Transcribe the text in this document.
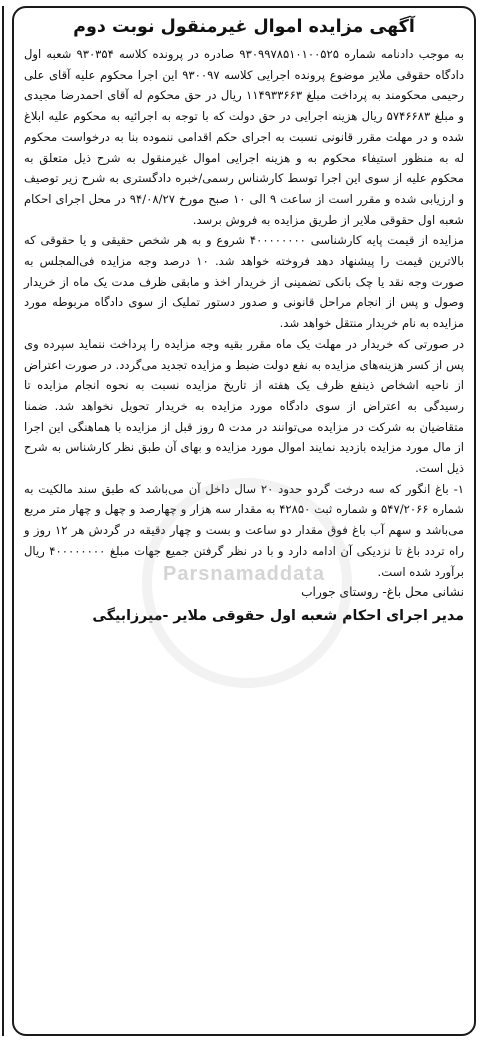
Parsnamaddata
آگهی مزایده اموال غیرمنقول نوبت دوم

به موجب دادنامه شماره ۹۳۰۹۹۷۸۵۱۰۱۰۰۵۲۵ صادره در پرونده کلاسه ۹۳۰۳۵۴ شعبه اول دادگاه حقوقی ملایر موضوع پرونده اجرایی کلاسه ۹۳۰۰۹۷ این اجرا محکوم علیه آقای علی رحیمی محکومند به پرداخت مبلغ ۱۱۴۹۳۳۶۶۳ ریال در حق محکوم له آقای احمدرضا مجیدی و مبلغ ۵۷۴۶۶۸۳ ریال هزینه اجرایی در حق دولت که با توجه به اجرائیه به محکوم علیه ابلاغ شده و در مهلت مقرر قانونی نسبت به اجرای حکم اقدامی ننموده بنا به درخواست محکوم له به منظور استیفاء محکوم به و هزینه اجرایی اموال غیرمنقول به شرح ذیل متعلق به محکوم علیه از سوی این اجرا توسط کارشناس رسمی/خبره دادگستری به شرح زیر توصیف و ارزیابی شده و مقرر است از ساعت ۹ الی ۱۰ صبح مورخ ۹۴/۰۸/۲۷ در محل اجرای احکام شعبه اول حقوقی ملایر از طریق مزایده به فروش برسد.

مزایده از قیمت پایه کارشناسی ۴۰۰۰۰۰۰۰۰ شروع و به هر شخص حقیقی و یا حقوقی که بالاترین قیمت را پیشنهاد دهد فروخته خواهد شد. ۱۰ درصد وجه مزایده فی‌المجلس به صورت وجه نقد یا چک بانکی تضمینی از خریدار اخذ و مابقی ظرف مدت یک ماه از خریدار وصول و پس از انجام مراحل قانونی و صدور دستور تملیک از سوی دادگاه مربوطه مورد مزایده به نام خریدار منتقل خواهد شد.

در صورتی که خریدار در مهلت یک ماه مقرر بقیه وجه مزایده را پرداخت ننماید سپرده وی پس از کسر هزینه‌های مزایده به نفع دولت ضبط و مزایده تجدید می‌گردد. در صورت اعتراض از ناحیه اشخاص ذینفع ظرف یک هفته از تاریخ مزایده نسبت به نحوه انجام مزایده تا رسیدگی به اعتراض از سوی دادگاه مورد مزایده به خریدار تحویل نخواهد شد. ضمنا متقاضیان به شرکت در مزایده می‌توانند در مدت ۵ روز قبل از مزایده با هماهنگی این اجرا از مال مورد مزایده بازدید نمایند اموال مورد مزایده و بهای آن طبق نظر کارشناس به شرح ذیل است.

۱- باغ انگور که سه درخت گردو حدود ۲۰ سال داخل آن می‌باشد که طبق سند مالکیت به شماره ۵۴۷/۲۰۶۶ و شماره ثبت ۴۲۸۵۰ به مقدار سه هزار و چهارصد و چهل و چهار متر مربع می‌باشد و سهم آب باغ فوق مقدار دو ساعت و بست و چهار دقیقه در گردش هر ۱۲ روز و راه تردد باغ تا نزدیکی آن ادامه دارد و با در نظر گرفتن جمیع جهات مبلغ ۴۰۰۰۰۰۰۰۰ ریال برآورد شده است.

نشانی محل باغ- روستای جوراب
مدیر اجرای احکام شعبه اول حقوقی ملایر -میرزابیگی
